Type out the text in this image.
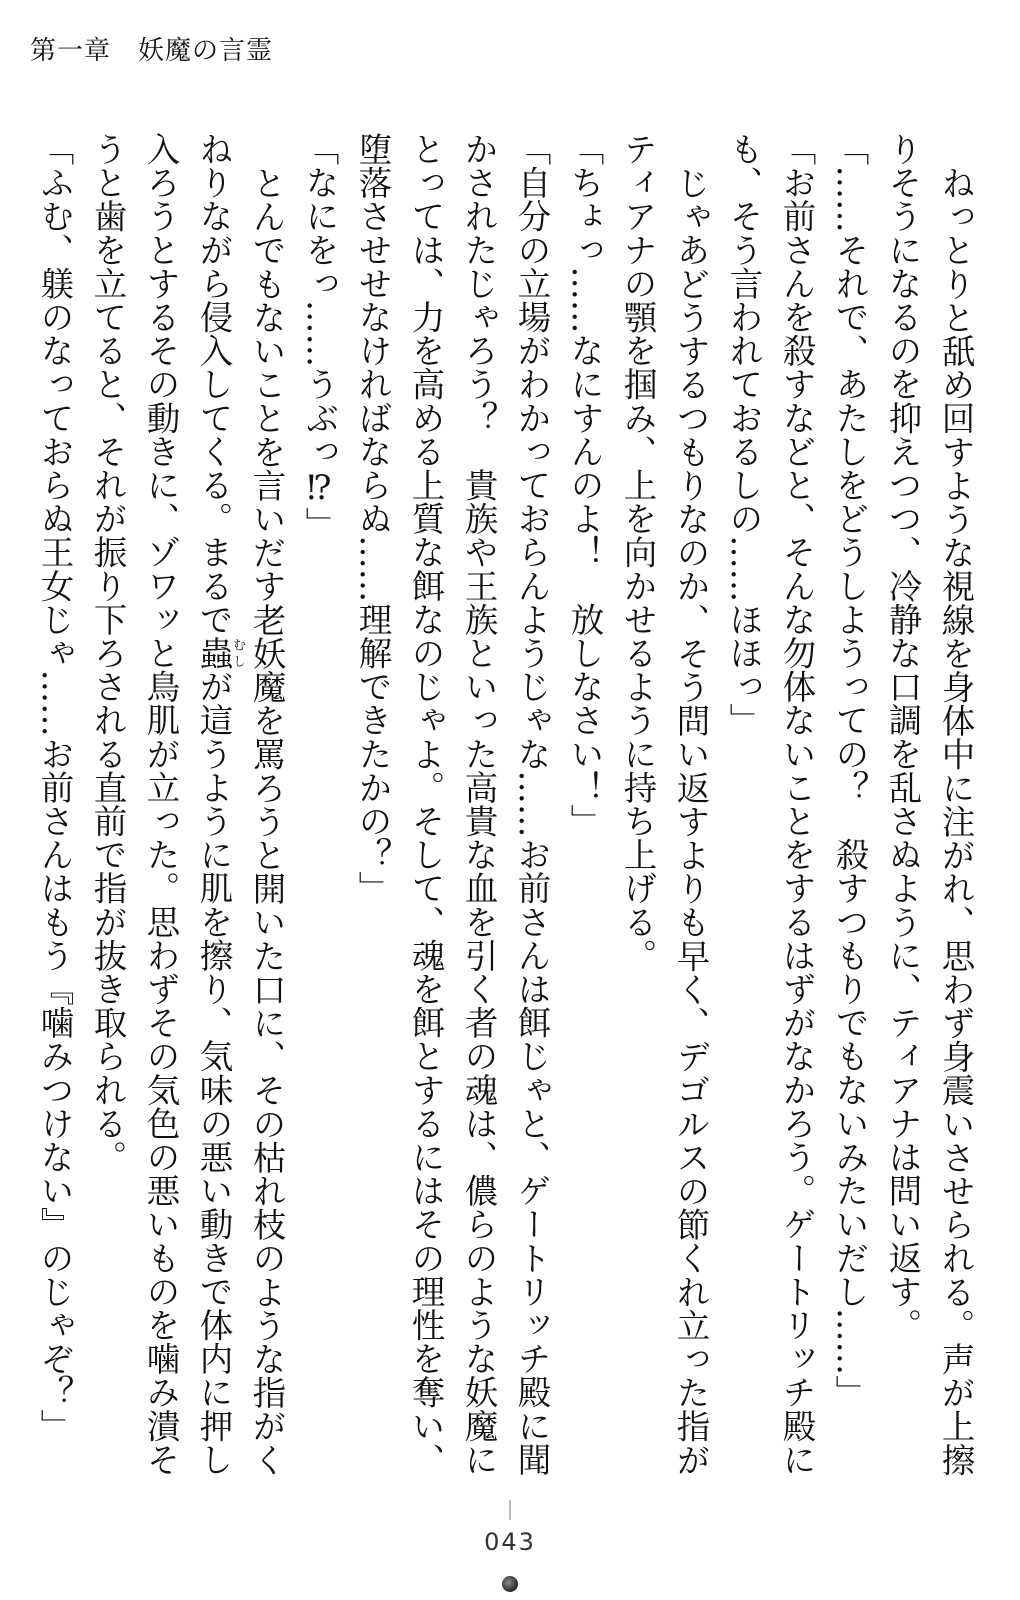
第一章　妖魔の言霊

ねっとりと舐め回すような視線を身体中に注がれ、思わず身震いさせられる。声が上擦りそうになるのを抑えつつ、冷静な口調を乱さぬように、ティアナは問い返す。

「……それで、あたしをどうしようっての？　殺すつもりでもないみたいだし……」

「お前さんを殺すなどと、そんな勿体ないことをするはずがなかろう。ゲートリッチ殿にも、そう言われておるしの……ほほっ」

じゃあどうするつもりなのか、そう問い返すよりも早く、デゴルスの節くれ立った指がティアナの顎を掴み、上を向かせるように持ち上げる。

「ちょっ……なにすんのよ！　放しなさい！」

「自分の立場がわかっておらんようじゃな……お前さんは餌じゃと、ゲートリッチ殿に聞かされたじゃろう？　貴族や王族といった高貴な血を引く者の魂は、儂らのような妖魔にとっては、力を高める上質な餌なのじゃよ。そして、魂を餌とするにはその理性を奪い、堕落させせなければならぬ……理解できたかの？」

「なにをっ……うぶっ⁉」

とんでもないことを言いだす老妖魔を罵ろうと開いた口に、その枯れ枝のような指がくねりながら侵入してくる。まるで蟲むしが這うように肌を擦り、気味の悪い動きで体内に押し入ろうとするその動きに、ゾワッと鳥肌が立った。思わずその気色の悪いものを噛み潰そうと歯を立てると、それが振り下ろされる直前で指が抜き取られる。

「ふむ、躾のなっておらぬ王女じゃ……お前さんはもう『噛みつけない』のじゃぞ？」

043
